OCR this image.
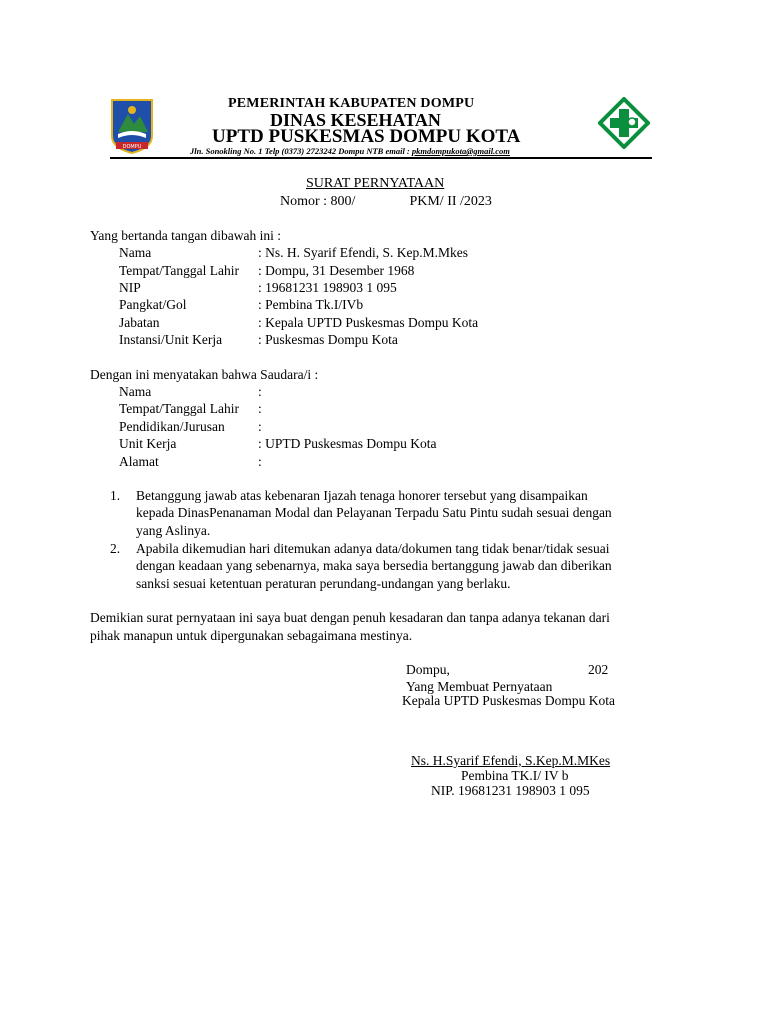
DOMPU
PEMERINTAH KABUPATEN DOMPU
DINAS KESEHATAN
UPTD PUSKESMAS DOMPU KOTA
Jln. Sonokling No. 1 Telp (0373) 2723242 Dompu NTB email : pkmdompukota@gmail.com
SURAT PERNYATAAN
Nomor : 800/	PKM/ II /2023
Yang bertanda tangan dibawah ini :
Nama	: Ns. H. Syarif Efendi, S. Kep.M.Mkes
Tempat/Tanggal Lahir : Dompu, 31 Desember 1968
NIP	: 19681231 198903 1 095
Pangkat/Gol	: Pembina Tk.I/IVb
Jabatan	: Kepala UPTD Puskesmas Dompu Kota
Instansi/Unit Kerja	: Puskesmas Dompu Kota
Dengan ini menyatakan bahwa Saudara/i :
Nama	:
Tempat/Tanggal Lahir :
Pendidikan/Jurusan :
Unit Kerja	: UPTD Puskesmas Dompu Kota
Alamat	:
1. Betanggung jawab atas kebenaran Ijazah tenaga honorer tersebut yang disampaikan
kepada DinasPenanaman Modal dan Pelayanan Terpadu Satu Pintu sudah sesuai dengan
yang Aslinya.
2. Apabila dikemudian hari ditemukan adanya data/dokumen tang tidak benar/tidak sesuai
dengan keadaan yang sebenarnya, maka saya bersedia bertanggung jawab dan diberikan
sanksi sesuai ketentuan peraturan perundang-undangan yang berlaku.
Demikian surat pernyataan ini saya buat dengan penuh kesadaran dan tanpa adanya tekanan dari
pihak manapun untuk dipergunakan sebagaimana mestinya.
Dompu,	202
Yang Membuat Pernyataan
Kepala UPTD Puskesmas Dompu Kota
Ns. H.Syarif Efendi, S.Kep.M.MKes
Pembina TK.I/ IV b
NIP. 19681231 198903 1 095
